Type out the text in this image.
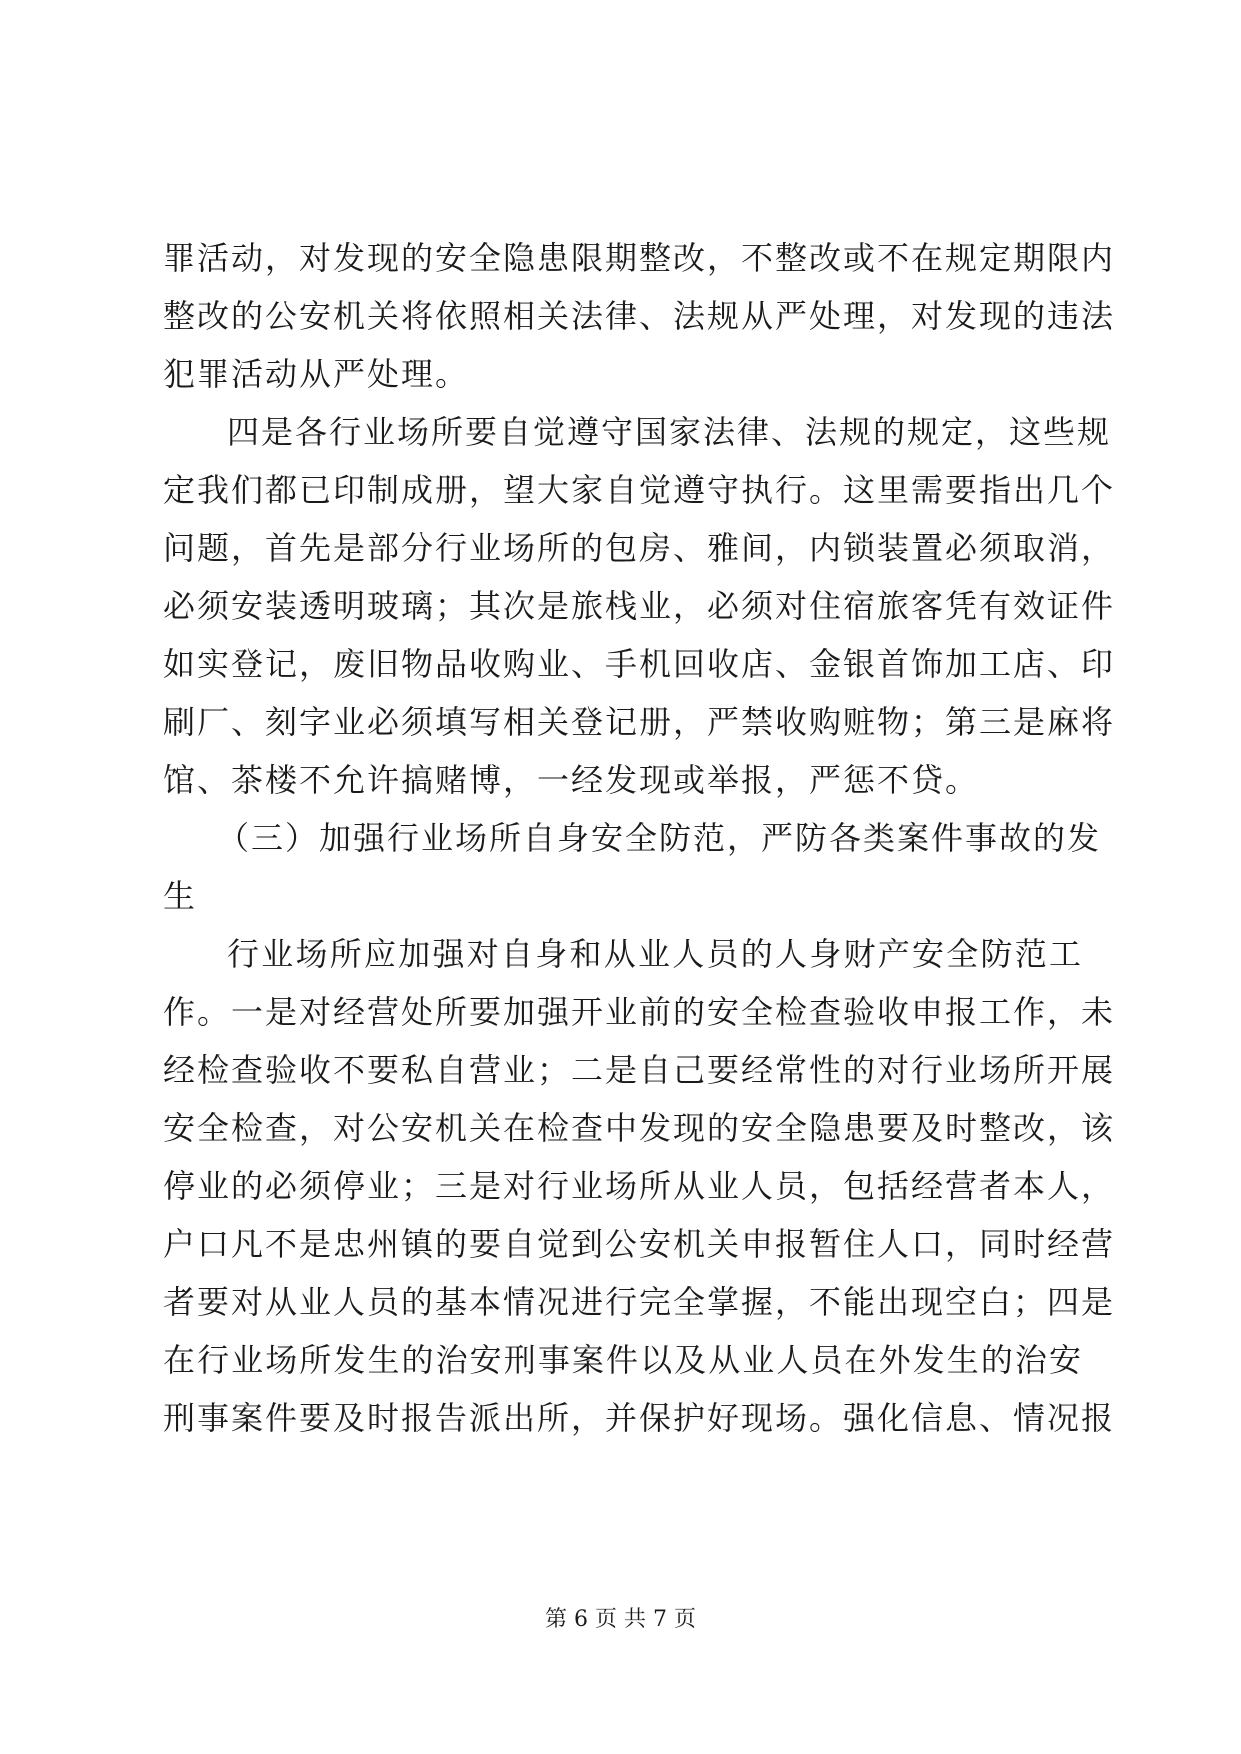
罪活动，对发现的安全隐患限期整改，不整改或不在规定期限内
整改的公安机关将依照相关法律、法规从严处理，对发现的违法
犯罪活动从严处理。
四是各行业场所要自觉遵守国家法律、法规的规定，这些规
定我们都已印制成册，望大家自觉遵守执行。这里需要指出几个
问题，首先是部分行业场所的包房、雅间，内锁装置必须取消，
必须安装透明玻璃；其次是旅栈业，必须对住宿旅客凭有效证件
如实登记，废旧物品收购业、手机回收店、金银首饰加工店、印
刷厂、刻字业必须填写相关登记册，严禁收购赃物；第三是麻将
馆、茶楼不允许搞赌博，一经发现或举报，严惩不贷。
（三）加强行业场所自身安全防范，严防各类案件事故的发
生
行业场所应加强对自身和从业人员的人身财产安全防范工
作。一是对经营处所要加强开业前的安全检查验收申报工作，未
经检查验收不要私自营业；二是自己要经常性的对行业场所开展
安全检查，对公安机关在检查中发现的安全隐患要及时整改，该
停业的必须停业；三是对行业场所从业人员，包括经营者本人，
户口凡不是忠州镇的要自觉到公安机关申报暂住人口，同时经营
者要对从业人员的基本情况进行完全掌握，不能出现空白；四是
在行业场所发生的治安刑事案件以及从业人员在外发生的治安
刑事案件要及时报告派出所，并保护好现场。强化信息、情况报
第 6 页 共 7 页
